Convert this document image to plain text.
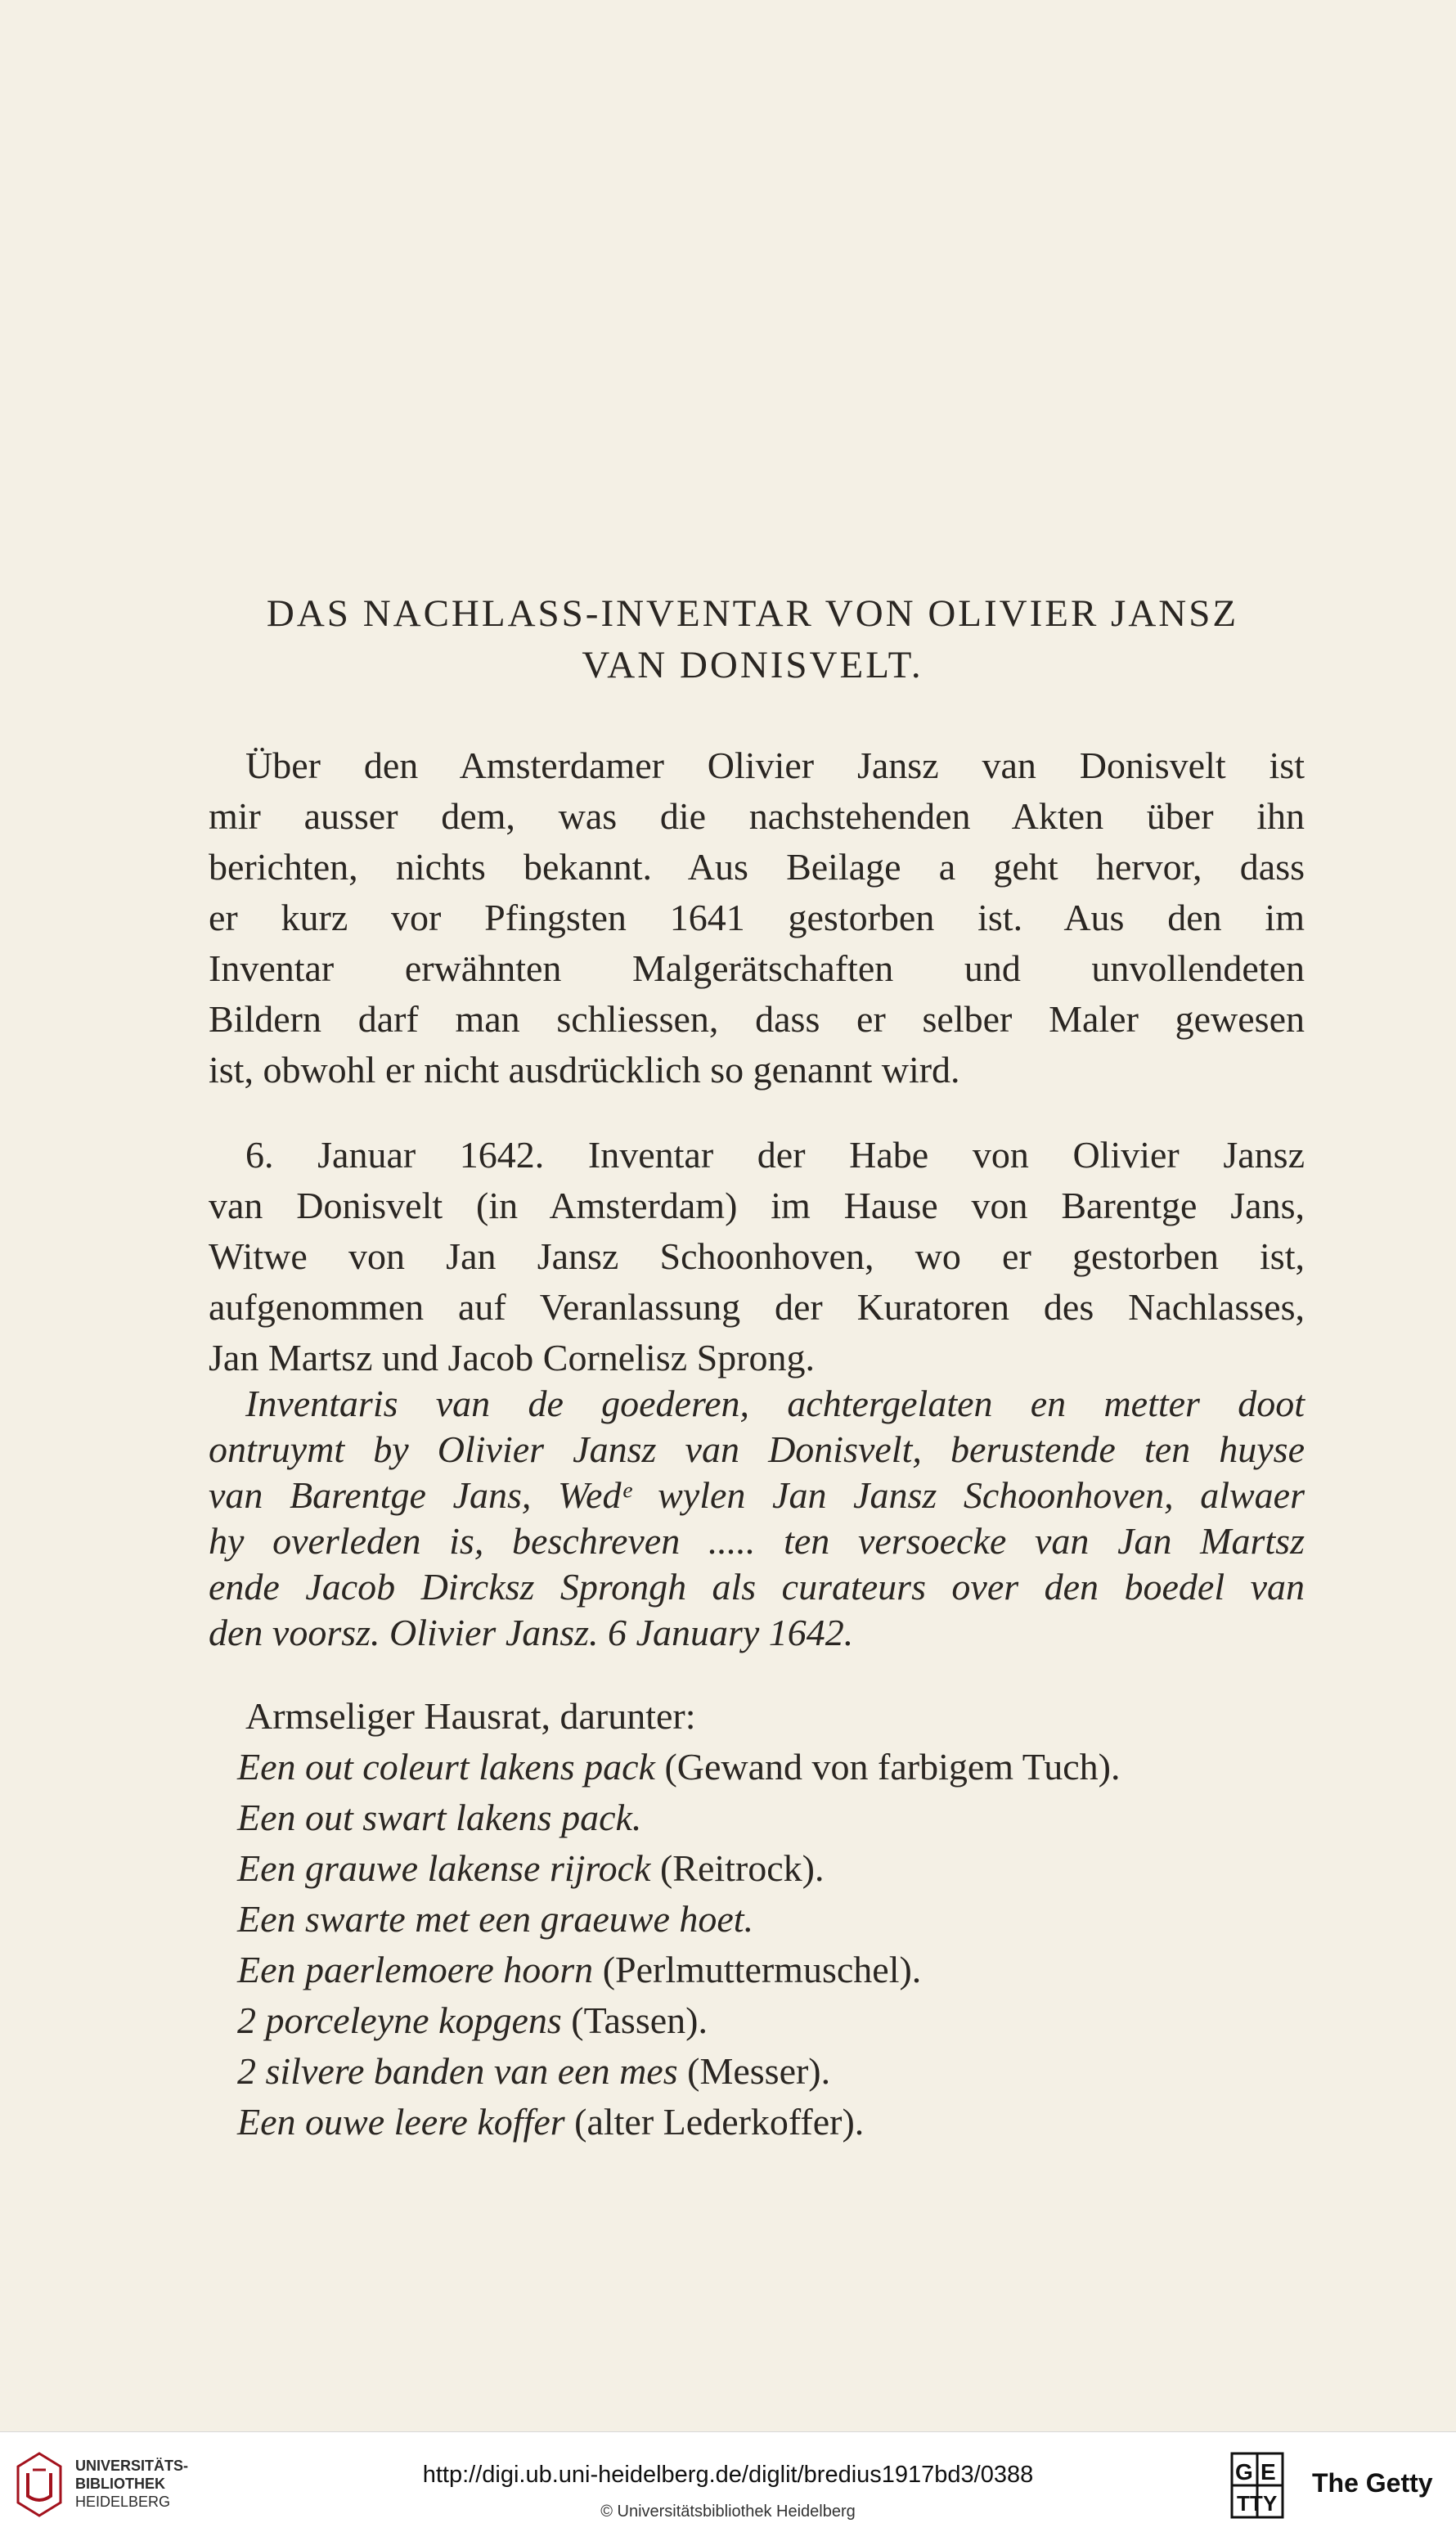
DAS NACHLASS-INVENTAR VON OLIVIER JANSZ
VAN DONISVELT.
Über den Amsterdamer Olivier Jansz van Donisvelt ist
mir ausser dem, was die nachstehenden Akten über ihn
berichten, nichts bekannt. Aus Beilage a geht hervor, dass
er kurz vor Pfingsten 1641 gestorben ist. Aus den im
Inventar erwähnten Malgerätschaften und unvollendeten
Bildern darf man schliessen, dass er selber Maler gewesen
ist, obwohl er nicht ausdrücklich so genannt wird.
6. Januar 1642. Inventar der Habe von Olivier Jansz
van Donisvelt (in Amsterdam) im Hause von Barentge Jans,
Witwe von Jan Jansz Schoonhoven, wo er gestorben ist,
aufgenommen auf Veranlassung der Kuratoren des Nachlasses,
Jan Martsz und Jacob Cornelisz Sprong.
Inventaris van de goederen, achtergelaten en metter doot
ontruymt by Olivier Jansz van Donisvelt, berustende ten huyse
van Barentge Jans, Wedᵉ wylen Jan Jansz Schoonhoven, alwaer
hy overleden is, beschreven ..... ten versoecke van Jan Martsz
ende Jacob Dircksz Sprongh als curateurs over den boedel van
den voorsz. Olivier Jansz. 6 January 1642.
Armseliger Hausrat, darunter:
Een out coleurt lakens pack (Gewand von farbigem Tuch).
Een out swart lakens pack.
Een grauwe lakense rijrock (Reitrock).
Een swarte met een graeuwe hoet.
Een paerlemoere hoorn (Perlmuttermuschel).
2 porceleyne kopgens (Tassen).
2 silvere banden van een mes (Messer).
Een ouwe leere koffer (alter Lederkoffer).
UNIVERSITÄTS-
BIBLIOTHEK
HEIDELBERG
http://digi.ub.uni-heidelberg.de/diglit/bredius1917bd3/0388
© Universitätsbibliothek Heidelberg
G E
TT Y
The Getty
